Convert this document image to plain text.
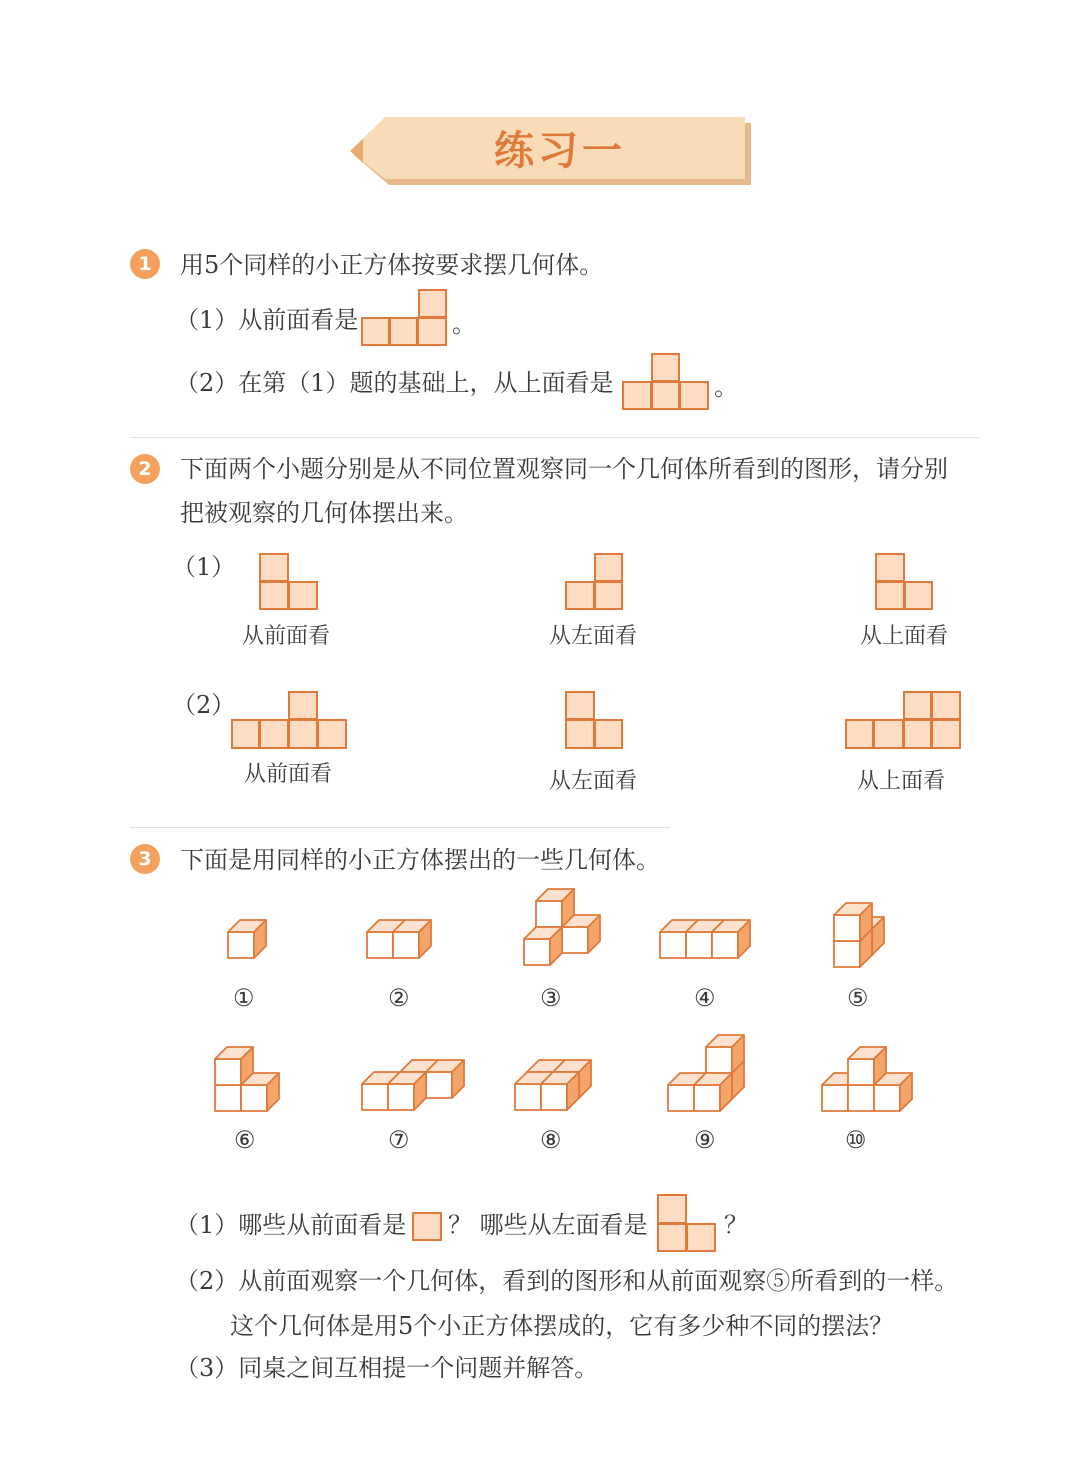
练习一
1	用5个同样的小正方体按要求摆几何体。
（1）从前面看是	。
（2）在第（1）题的基础上，从上面看是	。
2	下面两个小题分别是从不同位置观察同一个几何体所看到的图形，请分别
把被观察的几何体摆出来。
（1）
从前面看	从左面看	从上面看
（2）
从前面看	从左面看	从上面看
3	下面是用同样的小正方体摆出的一些几何体。
①	②	③	④	⑤
⑥	⑦	⑧	⑨	⑩
（1）哪些从前面看是 ？ 哪些从左面看是	？
（2）从前面观察一个几何体，看到的图形和从前面观察⑤所看到的一样。
这个几何体是用5个小正方体摆成的，它有多少种不同的摆法？
（3）同桌之间互相提一个问题并解答。
